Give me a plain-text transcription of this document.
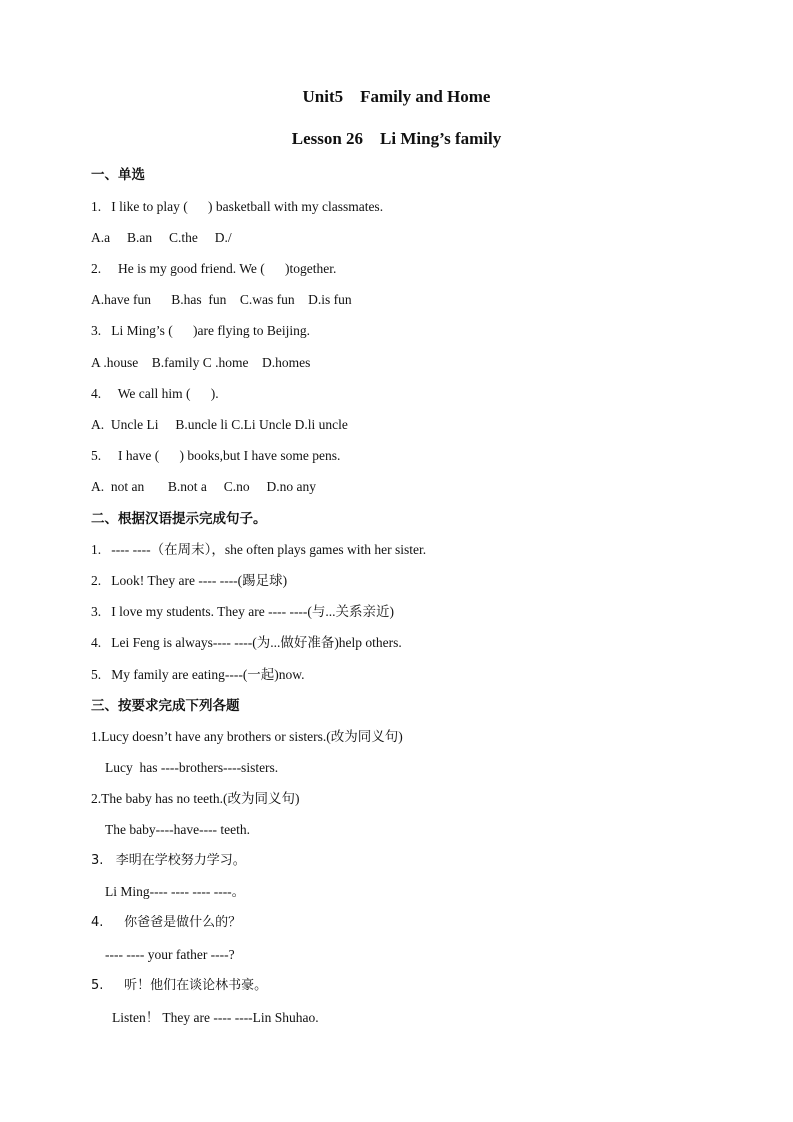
Unit5    Family and Home
Lesson 26    Li Ming’s family
一、单选
1.   I like to play (      ) basketball with my classmates.
A.a     B.an     C.the     D./
2.     He is my good friend. We (      )together.
A.have fun      B.has  fun    C.was fun    D.is fun
3.   Li Ming’s (      )are flying to Beijing.
A .house    B.family C .home    D.homes
4.     We call him (      ).
A.  Uncle Li     B.uncle li C.Li Uncle D.li uncle
5.     I have (      ) books,but I have some pens.
A.  not an       B.not a     C.no     D.no any
二、根据汉语提示完成句子。
1.   ---- ----（在周末），she often plays games with her sister.
2.   Look! They are ---- ----(踢足球)
3.   I love my students. They are ---- ----(与...关系亲近)
4.   Lei Feng is always---- ----(为...做好准备)help others.
5.   My family are eating----(一起)now.
三、按要求完成下列各题
1.Lucy doesn’t have any brothers or sisters.(改为同义句)
Lucy  has ----brothers----sisters.
2.The baby has no teeth.(改为同义句)
The baby----have---- teeth.
3.   李明在学校努力学习。
Li Ming---- ---- ---- ----。
4.     你爸爸是做什么的？
---- ---- your father ----?
5.     听！他们在谈论林书豪。
Listen！ They are ---- ----Lin Shuhao.
